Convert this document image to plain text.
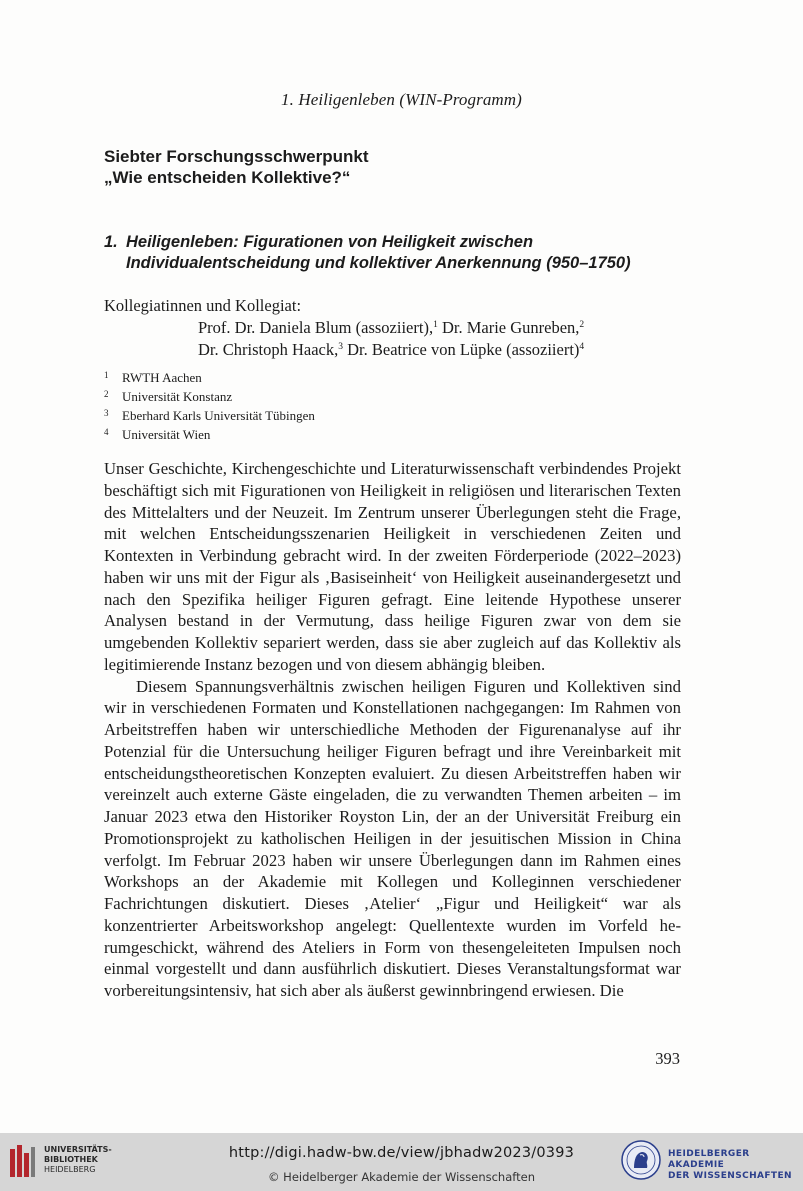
1. Heiligenleben (WIN-Programm)
Siebter Forschungsschwerpunkt
„Wie entscheiden Kollektive?“
1. Heiligenleben: Figurationen von Heiligkeit zwischen
Individualentscheidung und kollektiver Anerkennung (950–1750)
Kollegiatinnen und Kollegiat:
Prof. Dr. Daniela Blum (assoziiert),$^1$ Dr. Marie Gunreben,$^2$
Dr. Christoph Haack,$^3$ Dr. Beatrice von Lüpke (assoziiert)$^4$
1 RWTH Aachen
2 Universität Konstanz
3 Eberhard Karls Universität Tübingen
4 Universität Wien

Unser Geschichte, Kirchengeschichte und Literaturwissenschaft verbindendes Projekt beschäftigt sich mit Figurationen von Heiligkeit in religiösen und literarischen Texten des Mittelalters und der Neuzeit. Im Zentrum unserer Überlegungen steht die Frage, mit welchen Entscheidungsszenarien Heiligkeit in verschiedenen Zeiten und Kontexten in Verbindung gebracht wird. In der zweiten Förderperiode (2022–2023) haben wir uns mit der Figur als ‚Basiseinheit‘ von Heiligkeit auseinandergesetzt und nach den Spezifika heiliger Figuren gefragt. Eine leitende Hypothese unserer Analysen bestand in der Vermutung, dass heilige Figuren zwar von dem sie umgebenden Kollektiv separiert werden, dass sie aber zugleich auf das Kollektiv als legitimierende Instanz bezogen und von diesem abhängig bleiben.

Diesem Spannungsverhältnis zwischen heiligen Figuren und Kollektiven sind wir in verschiedenen Formaten und Konstellationen nachgegangen: Im Rahmen von Arbeitstreffen haben wir unterschiedliche Methoden der Figurenanalyse auf ihr Potenzial für die Untersuchung heiliger Figuren befragt und ihre Vereinbarkeit mit entscheidungstheoretischen Konzepten evaluiert. Zu diesen Arbeitstreffen haben wir vereinzelt auch externe Gäste eingeladen, die zu verwandten Themen arbeiten – im Januar 2023 etwa den Historiker Royston Lin, der an der Universität Freiburg ein Promotionsprojekt zu katholischen Heiligen in der jesuitischen Mission in China verfolgt. Im Februar 2023 haben wir unsere Überlegungen dann im Rahmen eines Workshops an der Akademie mit Kollegen und Kolleginnen verschiedener Fachrichtungen diskutiert. Dieses ‚Atelier‘ „Figur und Heiligkeit“ war als konzentrierter Arbeitsworkshop angelegt: Quellentexte wurden im Vorfeld herumgeschickt, während des Ateliers in Form von thesengeleiteten Impulsen noch einmal vorgestellt und dann ausführlich diskutiert. Dieses Veranstaltungsformat war vorbereitungsintensiv, hat sich aber als äußerst gewinnbringend erwiesen. Die

393
UNIVERSITÄTS-
BIBLIOTHEK
HEIDELBERG
http://digi.hadw-bw.de/view/jbhadw2023/0393
© Heidelberger Akademie der Wissenschaften
HEIDELBERGER AKADEMIE
DER WISSENSCHAFTEN
